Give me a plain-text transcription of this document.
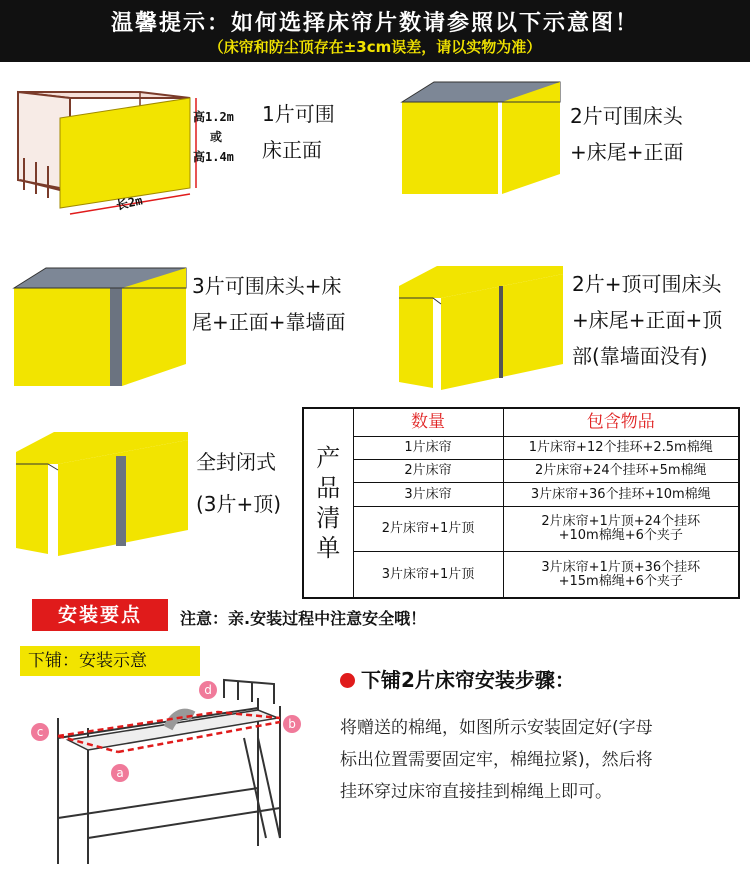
温馨提示：如何选择床帘片数请参照以下示意图！
（床帘和防尘顶存在±3cm误差，请以实物为准）
高1.2m
或
高1.4m
长2m
1片可围
床正面
2片可围床头
+床尾+正面
3片可围床头+床
尾+正面+靠墙面
2片+顶可围床头
+床尾+正面+顶
部(靠墙面没有)
全封闭式
(3片+顶)
产
品
清
单	数量	包含物品
	1片床帘	1片床帘+12个挂环+2.5m棉绳
	2片床帘	2片床帘+24个挂环+5m棉绳
	3片床帘	3片床帘+36个挂环+10m棉绳
	2片床帘+1片顶	2片床帘+1片顶+24个挂环
+10m棉绳+6个夹子

	3片床帘+1片顶	3片床帘+1片顶+36个挂环
+15m棉绳+6个夹子
安装要点	注意：亲.安装过程中注意安全哦！
下铺：安装示意
a
b
c
d	下铺2片床帘安装步骤：
将赠送的棉绳，如图所示安装固定好(字母
标出位置需要固定牢，棉绳拉紧)，然后将
挂环穿过床帘直接挂到棉绳上即可。
